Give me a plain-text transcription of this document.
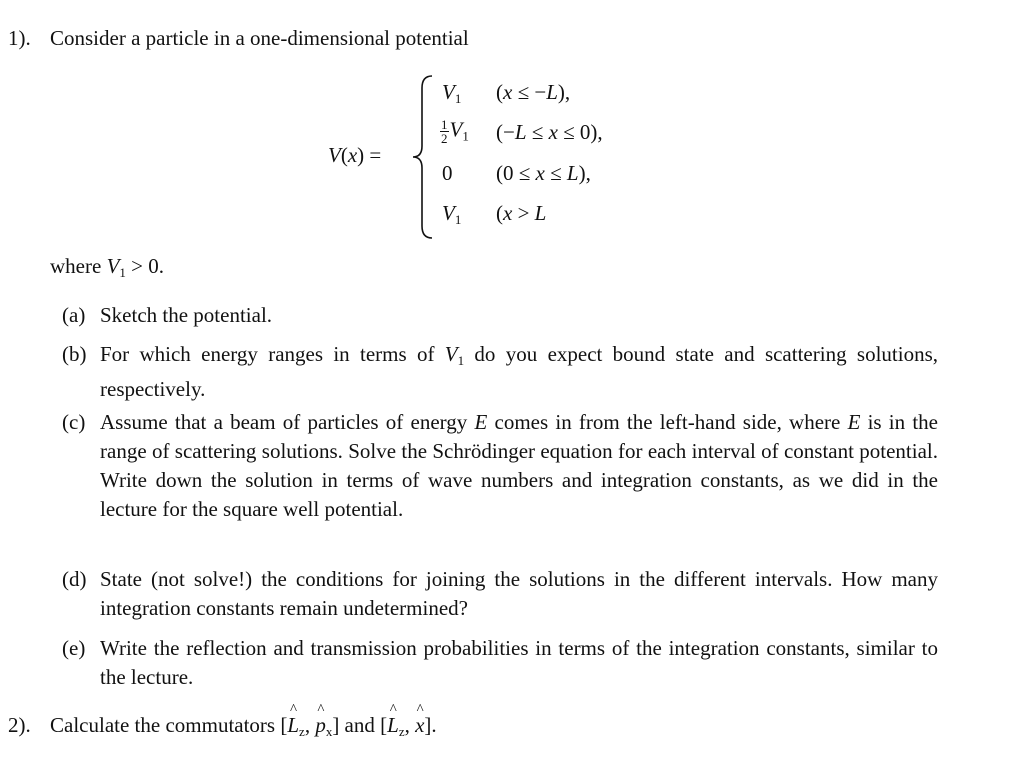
1). Consider a particle in a one-dimensional potential
V(x) =
$V_1$ (x ≤ −L),
$\frac{1}{2} V_1$ (−L ≤ x ≤ 0),
0 (0 ≤ x ≤ L),
$V_1$ (x > L
where $V_1 > 0$.
(a) Sketch the potential.
(b) For which energy ranges in terms of $V_1$ do you expect bound state and scattering solutions, respectively.
(c) Assume that a beam of particles of energy E comes in from the left-hand side, where E is in the range of scattering solutions. Solve the Schrödinger equation for each interval of constant potential. Write down the solution in terms of wave numbers and integration constants, as we did in the lecture for the square well potential.
(d) State (not solve!) the conditions for joining the solutions in the different intervals. How many integration constants remain undetermined?
(e) Write the reflection and transmission probabilities in terms of the integration constants, similar to the lecture.
2). Calculate the commutators [^ $L_z$, ^ $p_x$] and [^ $L_z$, ^ x].
